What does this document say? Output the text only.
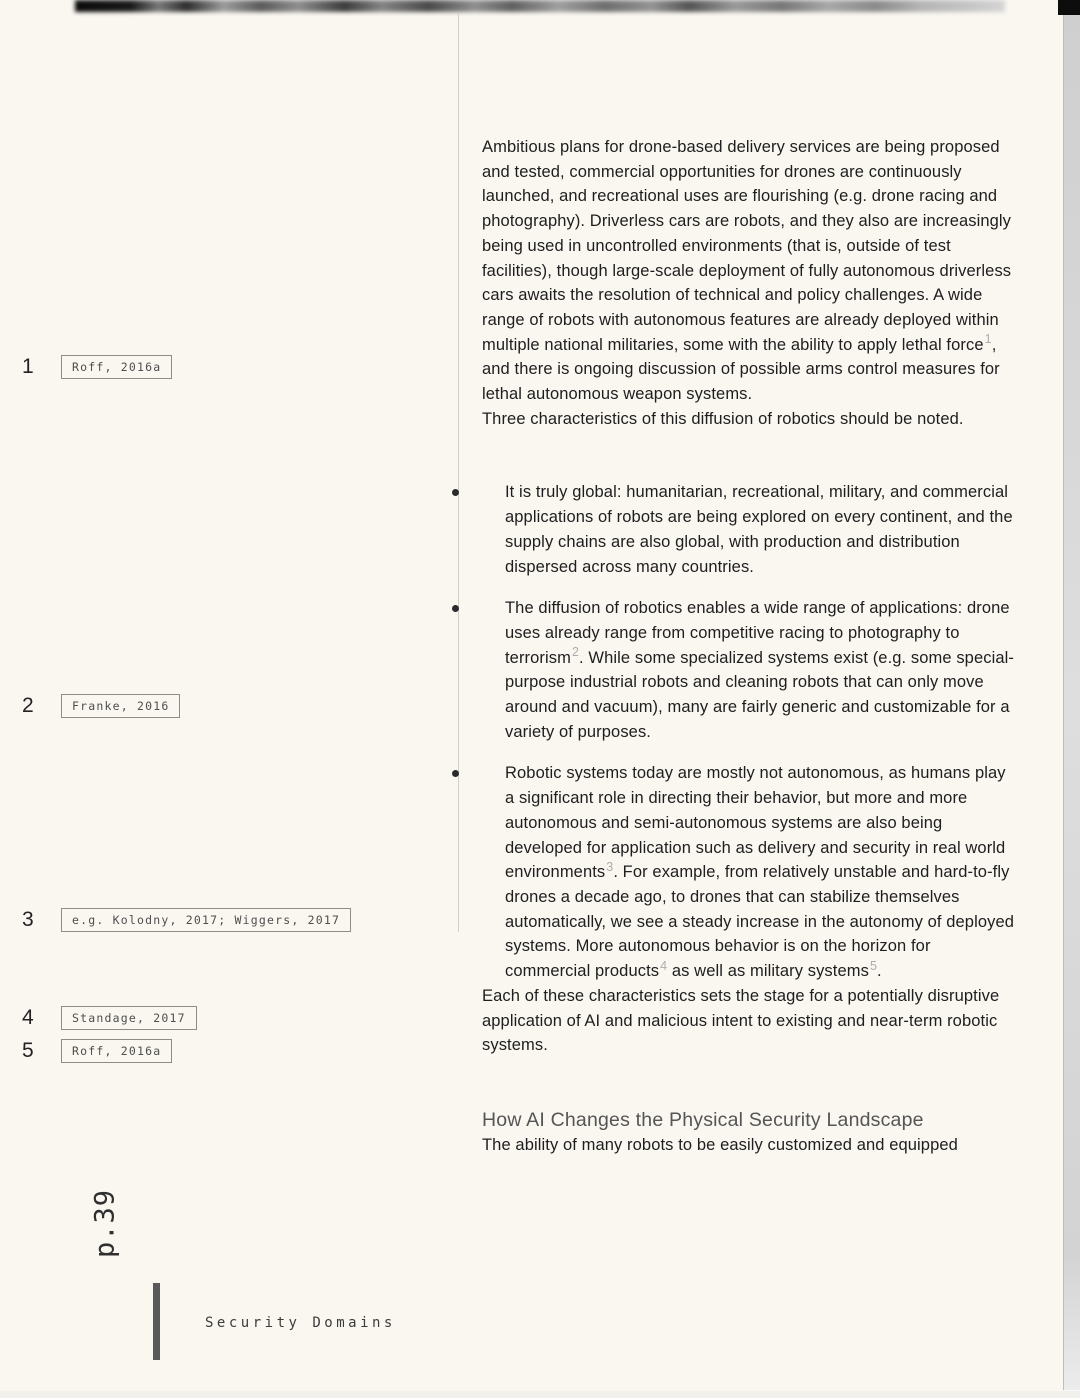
1	Roff, 2016a
2	Franke, 2016
3	e.g. Kolodny, 2017; Wiggers, 2017
4	Standage, 2017
5	Roff, 2016a

Ambitious plans for drone-based delivery services are being proposed and tested, commercial opportunities for drones are continuously launched, and recreational uses are flourishing (e.g. drone racing and photography). Driverless cars are robots, and they also are increasingly being used in uncontrolled environments (that is, outside of test facilities), though large-scale deployment of fully autonomous driverless cars awaits the resolution of technical and policy challenges. A wide range of robots with autonomous features are already deployed within multiple national militaries, some with the ability to apply lethal force$^1$, and there is ongoing discussion of possible arms control measures for lethal autonomous weapon systems.

Three characteristics of this diffusion of robotics should be noted.

It is truly global: humanitarian, recreational, military, and commercial applications of robots are being explored on every continent, and the supply chains are also global, with production and distribution dispersed across many countries.
The diffusion of robotics enables a wide range of applications: drone uses already range from competitive racing to photography to terrorism$^2$. While some specialized systems exist (e.g. some special-purpose industrial robots and cleaning robots that can only move around and vacuum), many are fairly generic and customizable for a variety of purposes.
Robotic systems today are mostly not autonomous, as humans play a significant role in directing their behavior, but more and more autonomous and semi-autonomous systems are also being developed for application such as delivery and security in real world environments$^3$. For example, from relatively unstable and hard-to-fly drones a decade ago, to drones that can stabilize themselves automatically, we see a steady increase in the autonomy of deployed systems. More autonomous behavior is on the horizon for commercial products$^4$ as well as military systems$^5$.

Each of these characteristics sets the stage for a potentially disruptive application of AI and malicious intent to existing and near-term robotic systems.

How AI Changes the Physical Security Landscape

The ability of many robots to be easily customized and equipped

p.39
Security Domains
